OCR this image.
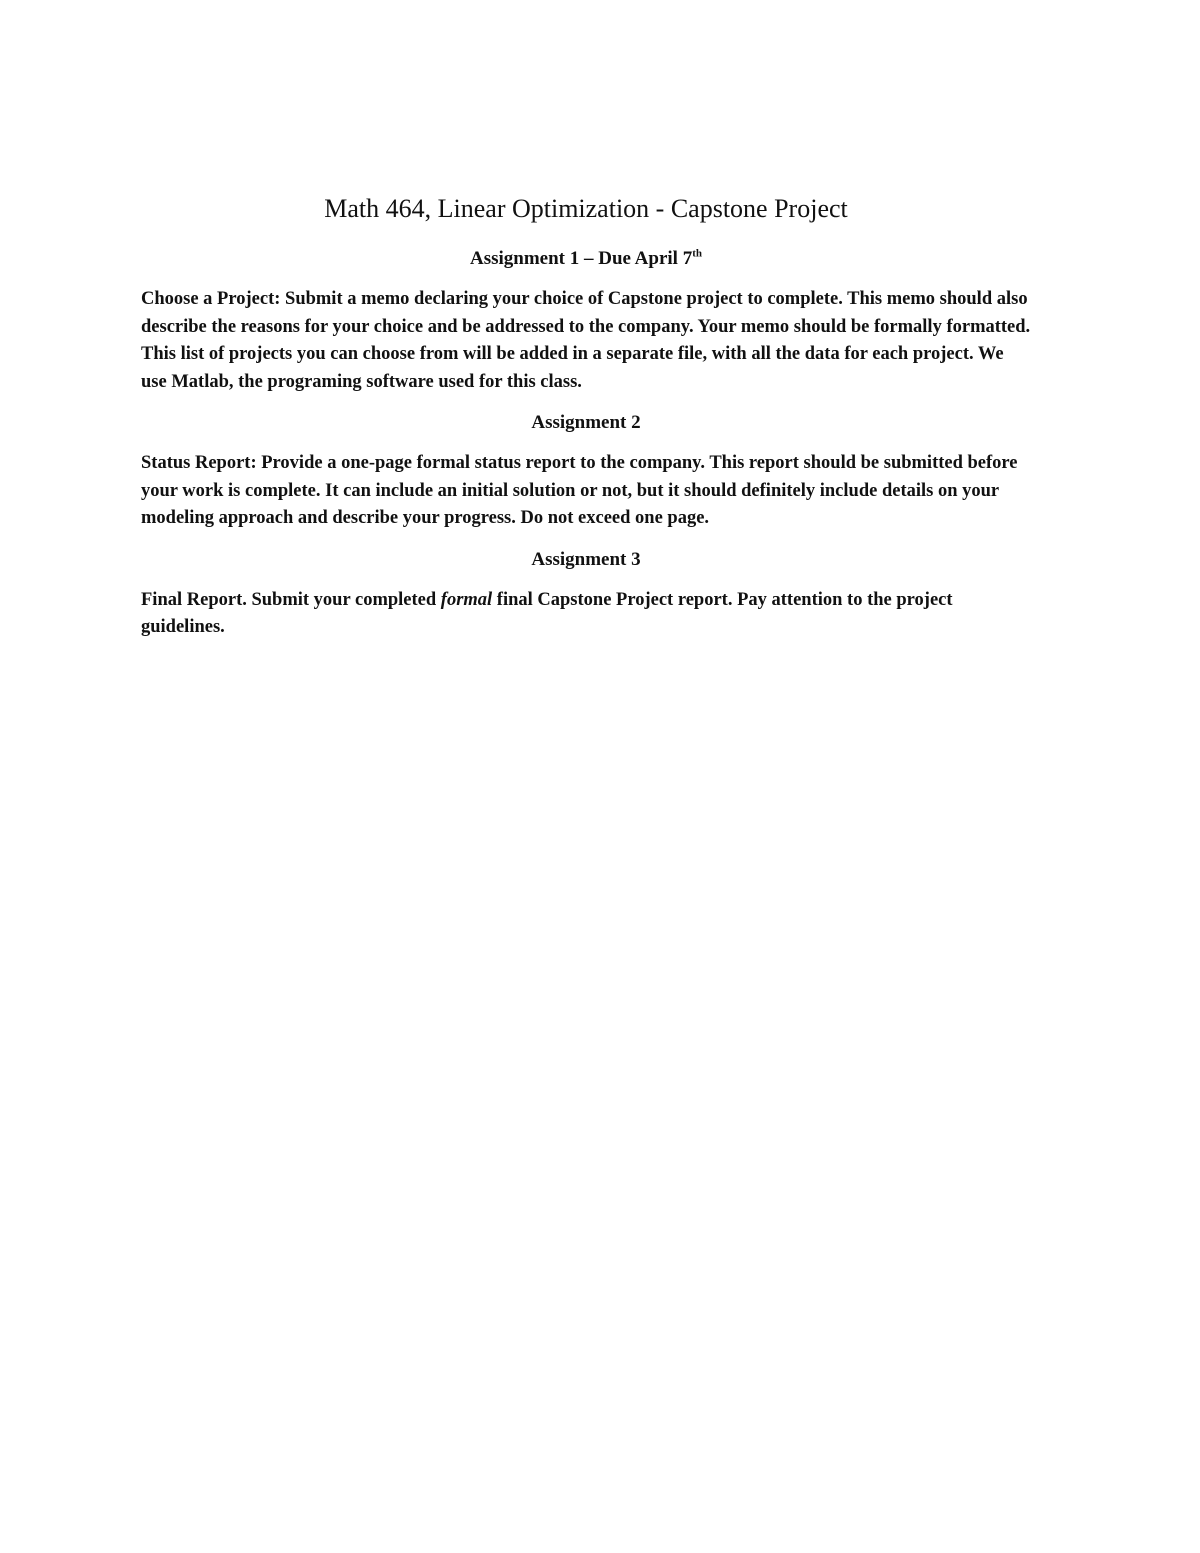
Math 464, Linear Optimization - Capstone Project
Assignment 1 – Due April 7th

Choose a Project: Submit a memo declaring your choice of Capstone project to complete. This memo should also describe the reasons for your choice and be addressed to the company. Your memo should be formally formatted. This list of projects you can choose from will be added in a separate file, with all the data for each project. We use Matlab, the programing software used for this class.

Assignment 2

Status Report: Provide a one-page formal status report to the company. This report should be submitted before your work is complete. It can include an initial solution or not, but it should definitely include details on your modeling approach and describe your progress. Do not exceed one page.

Assignment 3

Final Report. Submit your completed formal final Capstone Project report. Pay attention to the project guidelines.
